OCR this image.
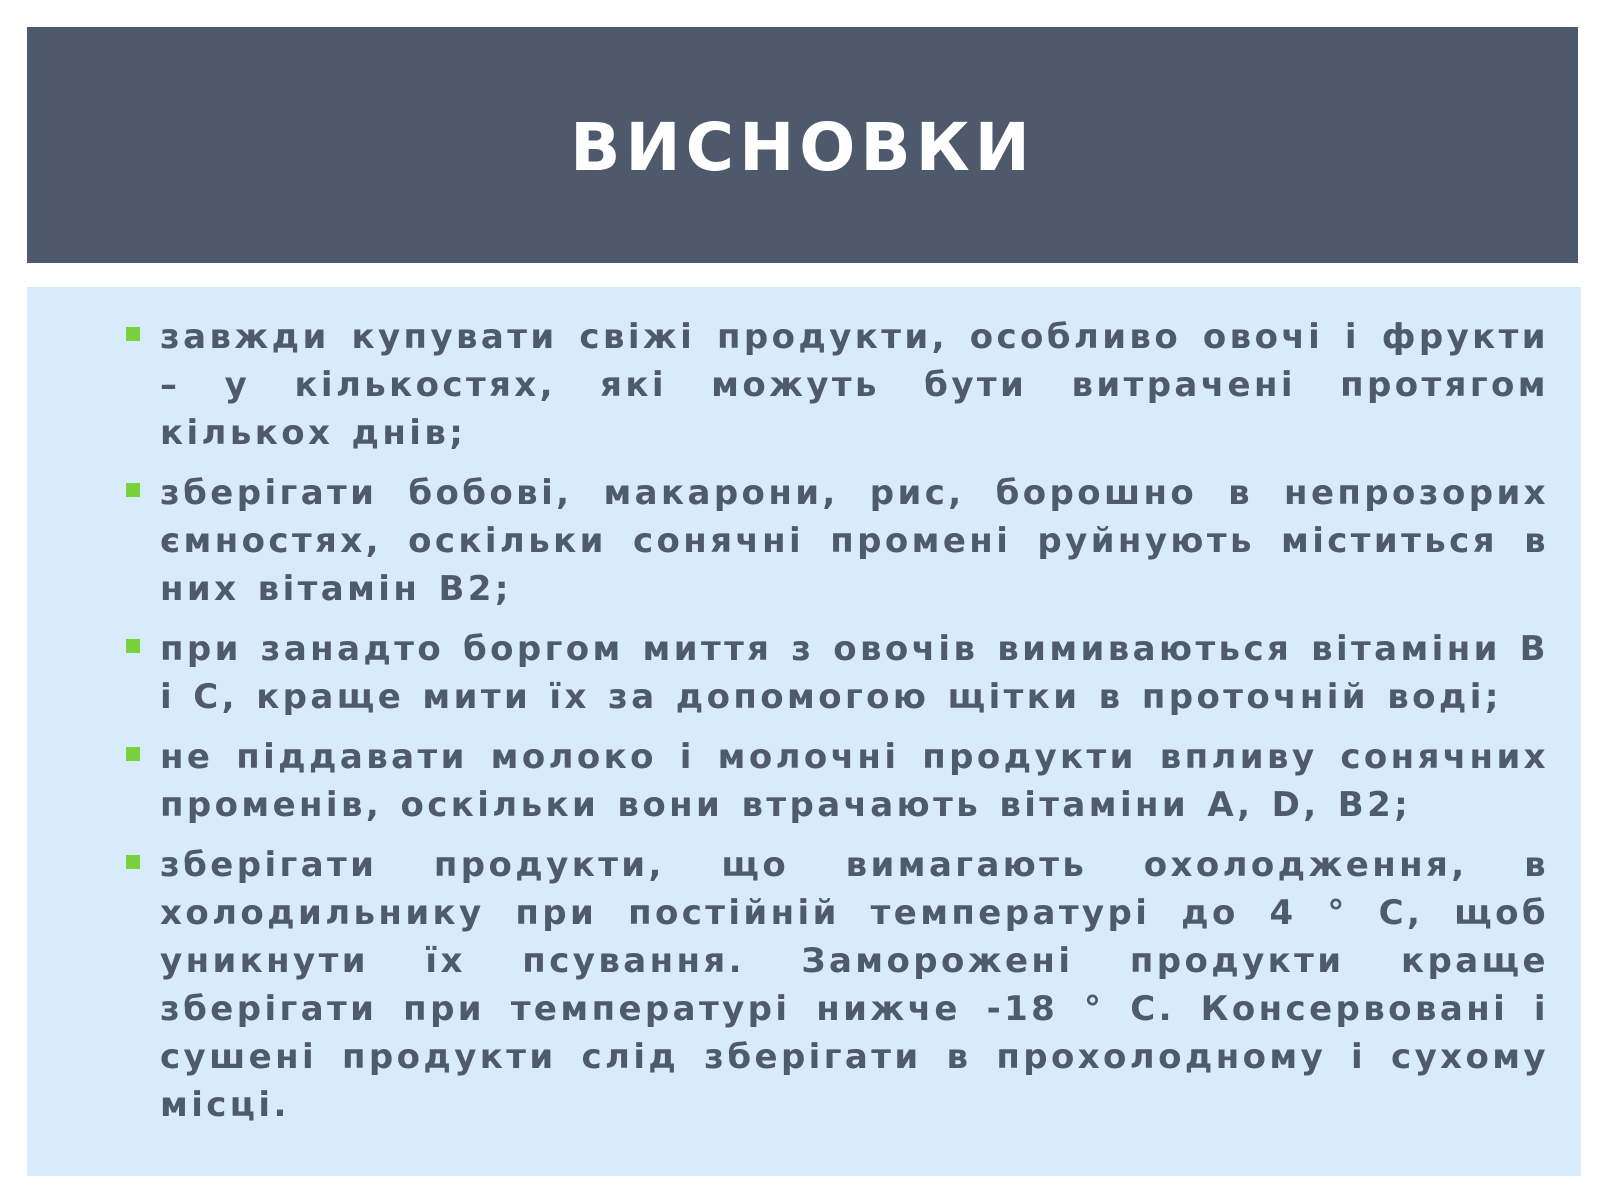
ВИСНОВКИ
завжди купувати свіжі продукти, особливо овочі і фрукти – у кількостях, які можуть бути витрачені протягом кількох днів;
зберігати бобові, макарони, рис, борошно в непрозорих ємностях, оскільки сонячні промені руйнують міститься в них вітамін В2;
при занадто боргом миття з овочів вимиваються вітаміни В і С, краще мити їх за допомогою щітки в проточній воді;
не піддавати молоко і молочні продукти впливу сонячних променів, оскільки вони втрачають вітаміни А, D, В2;
зберігати продукти, що вимагають охолодження, в холодильнику при постійній температурі до 4 ° С, щоб уникнути їх псування. Заморожені продукти краще зберігати при температурі нижче -18 ° С. Консервовані і сушені продукти слід зберігати в прохолодному і сухому місці.
